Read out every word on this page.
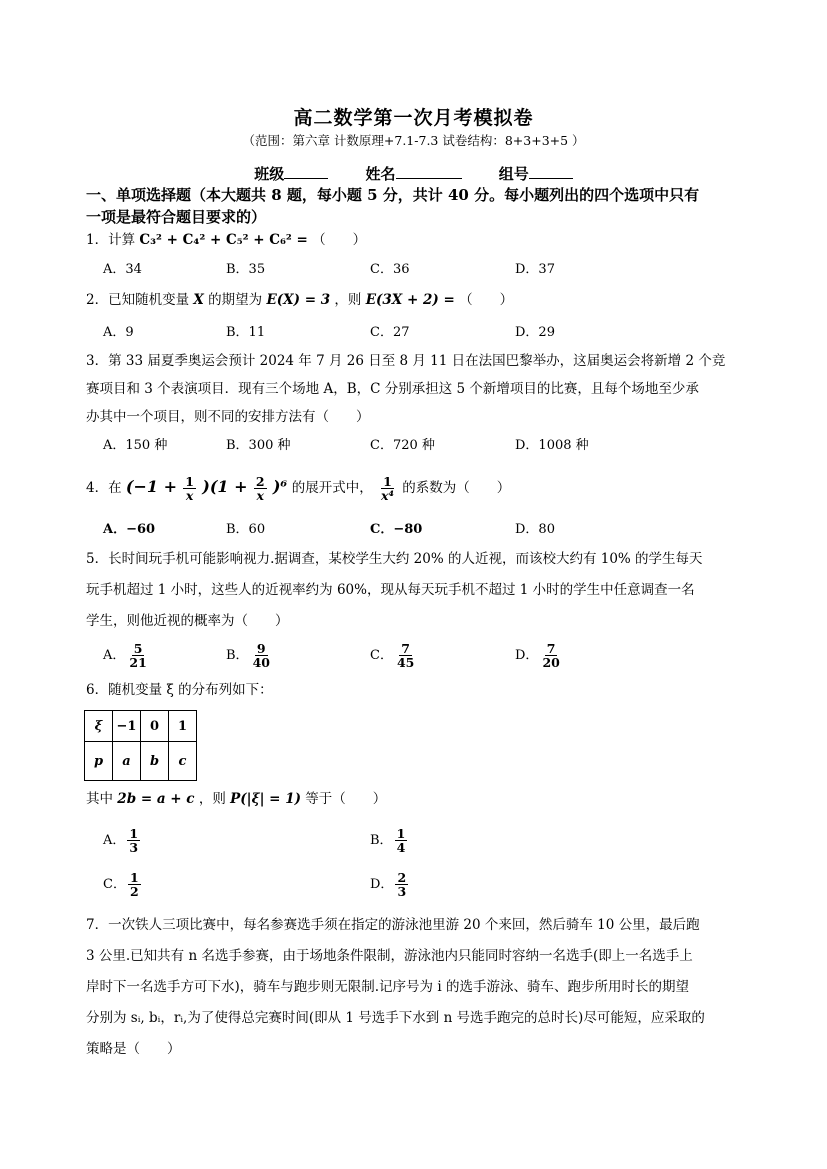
高二数学第一次月考模拟卷
（范围：第六章 计数原理+7.1-7.3 试卷结构：8+3+3+5 ）
班级	姓名	组号
一、单项选择题（本大题共 8 题，每小题 5 分，共计 40 分。每小题列出的四个选项中只有
一项是最符合题目要求的）
1．计算 C₃² + C₄² + C₅² + C₆² = （　　）
A．34	B．35	C．36	D．37
2．已知随机变量 X 的期望为 E(X) = 3 ，则 E(3X + 2) = （　　）
A．9	B．11	C．27	D．29
3．第 33 届夏季奥运会预计 2024 年 7 月 26 日至 8 月 11 日在法国巴黎举办，这届奥运会将新增 2 个竞
赛项目和 3 个表演项目．现有三个场地 A，B，C 分别承担这 5 个新增项目的比赛，且每个场地至少承
办其中一个项目，则不同的安排方法有（　　）
A．150 种	B．300 种	C．720 种	D．1008 种
4．在 $(-1 + \frac{1}{x} )(1 + \frac{2}{x} )^6$ 的展开式中， $\frac{1}{\text{x⁴}}$ 的系数为（　　）
A．−60	B．60	C．−80	D．80
5．长时间玩手机可能影响视力.据调查，某校学生大约 20% 的人近视，而该校大约有 10% 的学生每天
玩手机超过 1 小时，这些人的近视率约为 60%，现从每天玩手机不超过 1 小时的学生中任意调查一名
学生，则他近视的概率为（　　）
A． $\frac{5}{21}$	B． $\frac{9}{40}$	C． $\frac{7}{45}$	D． $\frac{7}{20}$
6．随机变量 ξ 的分布列如下：
ξ	−1	0	1
p	a	b	c
其中 2b = a + c ，则 P(|ξ| = 1) 等于（　　）
A． $\frac{1}{3}$	B． $\frac{1}{4}$
C． $\frac{1}{2}$	D． $\frac{2}{3}$
7．一次铁人三项比赛中，每名参赛选手须在指定的游泳池里游 20 个来回，然后骑车 10 公里，最后跑
3 公里.已知共有 n 名选手参赛，由于场地条件限制，游泳池内只能同时容纳一名选手(即上一名选手上
岸时下一名选手方可下水)，骑车与跑步则无限制.记序号为 i 的选手游泳、骑车、跑步所用时长的期望
分别为 sᵢ, bᵢ，rᵢ,为了使得总完赛时间(即从 1 号选手下水到 n 号选手跑完的总时长)尽可能短，应采取的
策略是（　　）
